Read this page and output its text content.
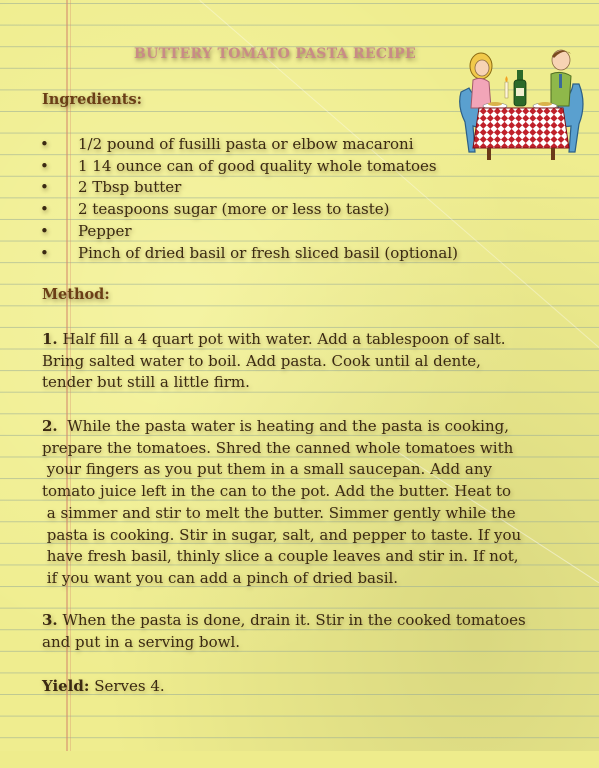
BUTTERY TOMATO PASTA RECIPE
Ingredients:
• 1/2 pound of fusilli pasta or elbow macaroni
• 1 14 ounce can of good quality whole tomatoes
• 2 Tbsp butter
• 2 teaspoons sugar (more or less to taste)
• Pepper
• Pinch of dried basil or fresh sliced basil (optional)
Method:
1. Half fill a 4 quart pot with water. Add a tablespoon of salt.
Bring salted water to boil. Add pasta. Cook until al dente,
tender but still a little firm.
2. While the pasta water is heating and the pasta is cooking,
prepare the tomatoes. Shred the canned whole tomatoes with
your fingers as you put them in a small saucepan. Add any
tomato juice left in the can to the pot. Add the butter. Heat to
a simmer and stir to melt the butter. Simmer gently while the
pasta is cooking. Stir in sugar, salt, and pepper to taste. If you
have fresh basil, thinly slice a couple leaves and stir in. If not,
if you want you can add a pinch of dried basil.
3. When the pasta is done, drain it. Stir in the cooked tomatoes
and put in a serving bowl.
Yield: Serves 4.
